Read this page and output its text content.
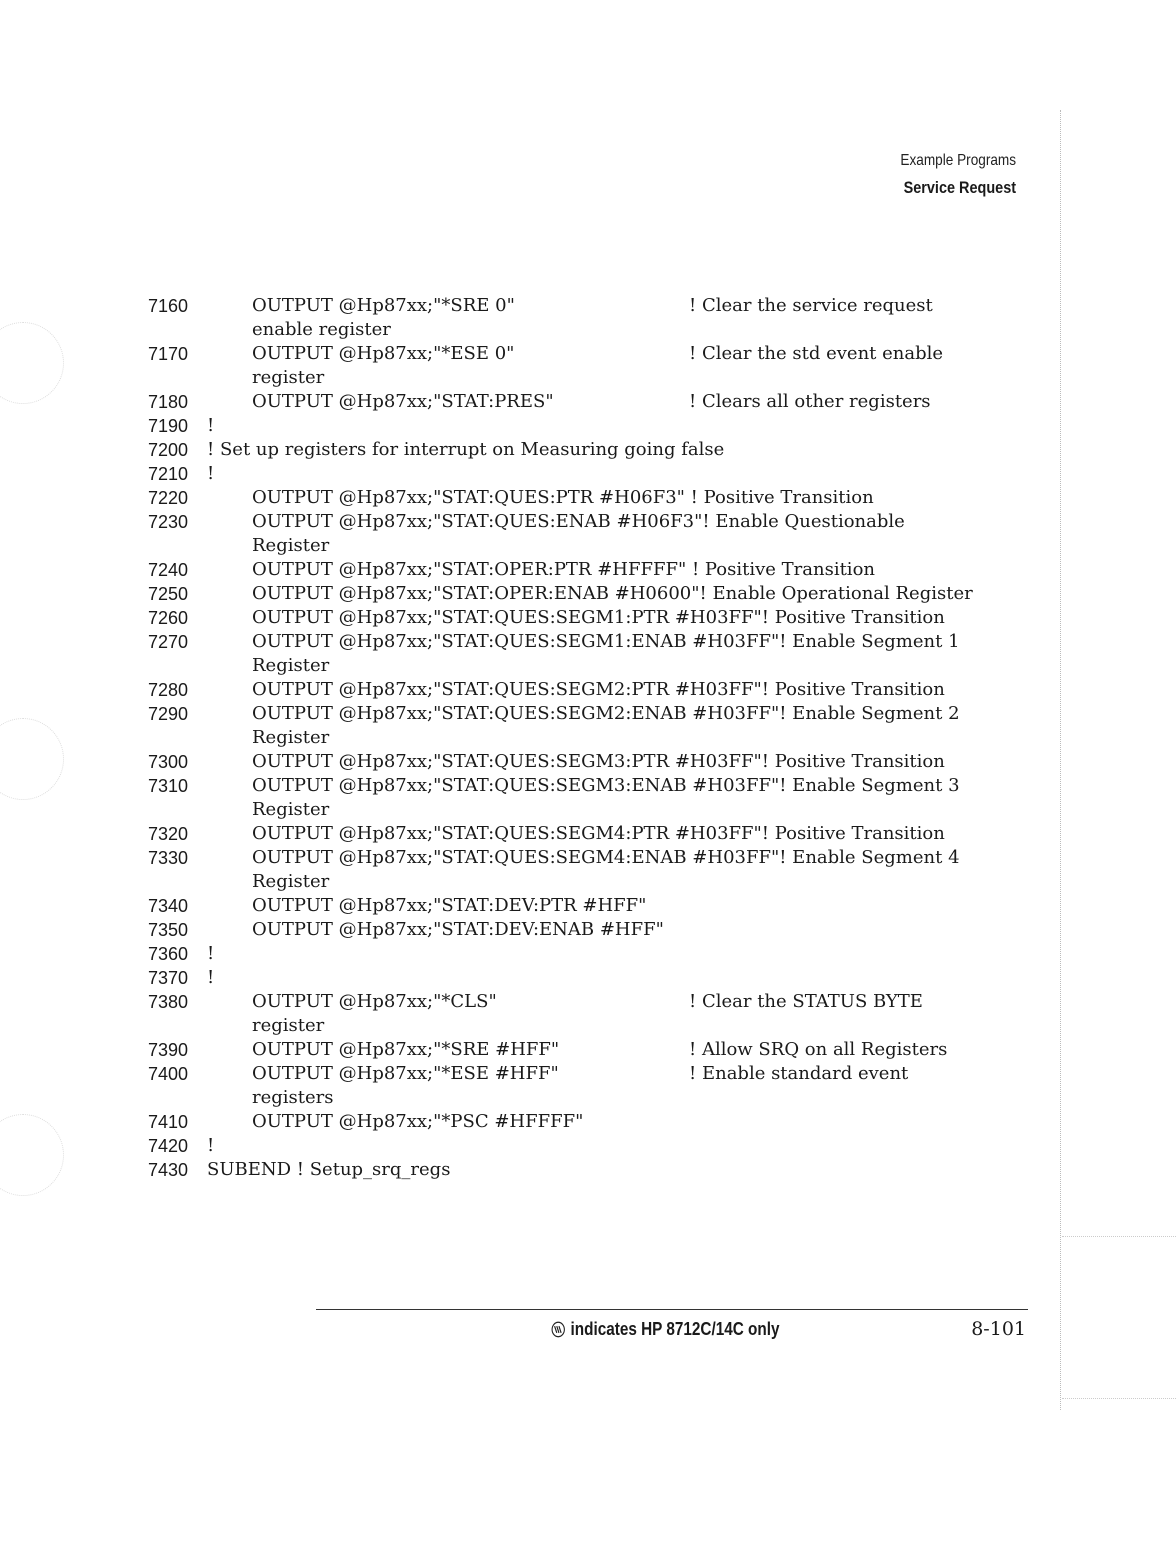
Example Programs
Service Request
7160	OUTPUT @Hp87xx;"*SRE 0"	! Clear the service request
enable register
7170	OUTPUT @Hp87xx;"*ESE 0"	! Clear the std event enable
register
7180	OUTPUT @Hp87xx;"STAT:PRES"	! Clears all other registers
7190 !
7200 ! Set up registers for interrupt on Measuring going false
7210 !
7220	OUTPUT @Hp87xx;"STAT:QUES:PTR #H06F3" ! Positive Transition
7230	OUTPUT @Hp87xx;"STAT:QUES:ENAB #H06F3"! Enable Questionable
Register
7240	OUTPUT @Hp87xx;"STAT:OPER:PTR #HFFFF" ! Positive Transition
7250	OUTPUT @Hp87xx;"STAT:OPER:ENAB #H0600"! Enable Operational Register
7260	OUTPUT @Hp87xx;"STAT:QUES:SEGM1:PTR #H03FF"! Positive Transition
7270	OUTPUT @Hp87xx;"STAT:QUES:SEGM1:ENAB #H03FF"! Enable Segment 1
Register
7280	OUTPUT @Hp87xx;"STAT:QUES:SEGM2:PTR #H03FF"! Positive Transition
7290	OUTPUT @Hp87xx;"STAT:QUES:SEGM2:ENAB #H03FF"! Enable Segment 2
Register
7300	OUTPUT @Hp87xx;"STAT:QUES:SEGM3:PTR #H03FF"! Positive Transition
7310	OUTPUT @Hp87xx;"STAT:QUES:SEGM3:ENAB #H03FF"! Enable Segment 3
Register
7320	OUTPUT @Hp87xx;"STAT:QUES:SEGM4:PTR #H03FF"! Positive Transition
7330	OUTPUT @Hp87xx;"STAT:QUES:SEGM4:ENAB #H03FF"! Enable Segment 4
Register
7340	OUTPUT @Hp87xx;"STAT:DEV:PTR #HFF"
7350	OUTPUT @Hp87xx;"STAT:DEV:ENAB #HFF"
7360 !
7370 !
7380	OUTPUT @Hp87xx;"*CLS"	! Clear the STATUS BYTE
register
7390	OUTPUT @Hp87xx;"*SRE #HFF"	! Allow SRQ on all Registers
7400	OUTPUT @Hp87xx;"*ESE #HFF"	! Enable standard event
registers
7410	OUTPUT @Hp87xx;"*PSC #HFFFF"
7420 !
7430 SUBEND ! Setup_srq_regs
indicates HP 8712C/14C only	8-101
